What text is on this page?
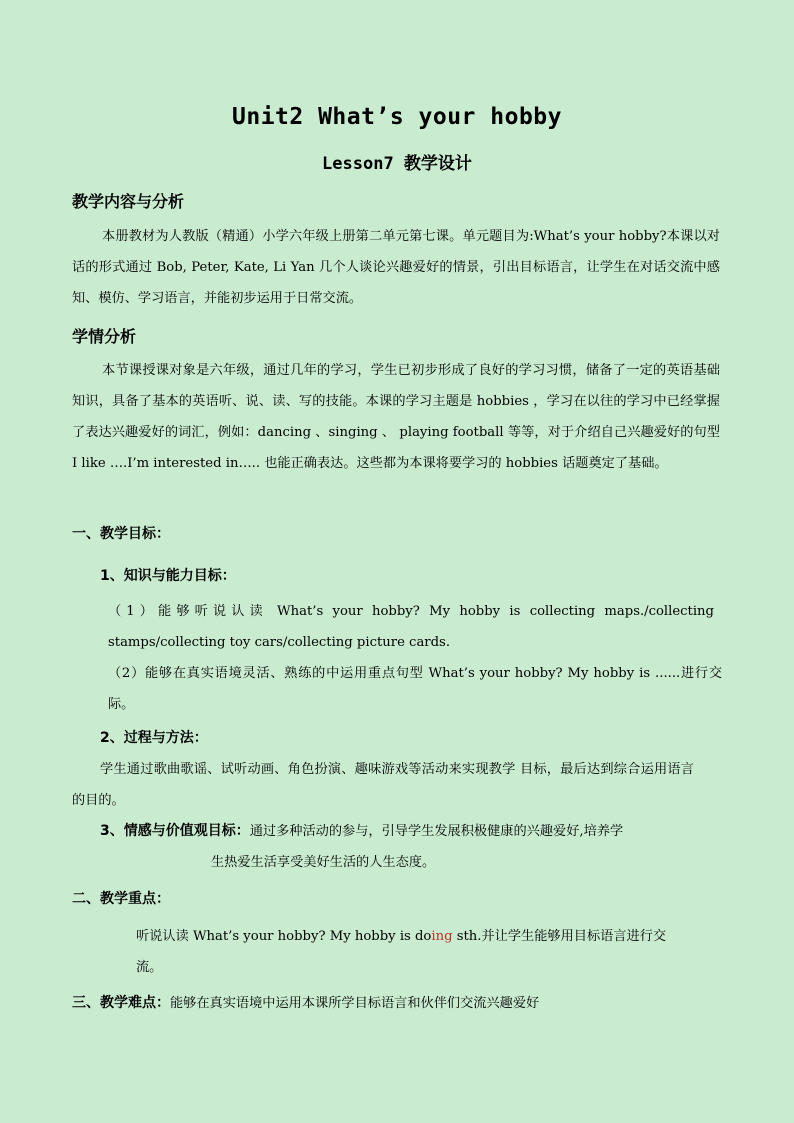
Unit2 What’s your hobby
Lesson7 教学设计
教学内容与分析
本册教材为人教版（精通）小学六年级上册第二单元第七课。单元题目为:What’s your hobby?本课以对话的形式通过 Bob, Peter, Kate, Li Yan 几个人谈论兴趣爱好的情景，引出目标语言，让学生在对话交流中感知、模仿、学习语言，并能初步运用于日常交流。
学情分析
本节课授课对象是六年级，通过几年的学习，学生已初步形成了良好的学习习惯，储备了一定的英语基础知识，具备了基本的英语听、说、读、写的技能。本课的学习主题是 hobbies ，学习在以往的学习中已经掌握了表达兴趣爱好的词汇，例如：dancing 、singing 、 playing football 等等，对于介绍自己兴趣爱好的句型 I like ….I’m interested in….. 也能正确表达。这些都为本课将要学习的 hobbies 话题奠定了基础。
一、教学目标：
1、知识与能力目标：
（1）能够听说认读 What’s your hobby? My hobby is collecting maps./collecting stamps/collecting toy cars/collecting picture cards.
（2）能够在真实语境灵活、熟练的中运用重点句型 What’s your hobby? My hobby is ......进行交际。
2、过程与方法：
学生通过歌曲歌谣、试听动画、角色扮演、趣味游戏等活动来实现教学 目标，最后达到综合运用语言的目的。
3、情感与价值观目标：通过多种活动的参与，引导学生发展积极健康的兴趣爱好,培养学
生热爱生活享受美好生活的人生态度。
二、教学重点：
听说认读 What’s your hobby? My hobby is doing sth.并让学生能够用目标语言进行交
流。
三、教学难点：能够在真实语境中运用本课所学目标语言和伙伴们交流兴趣爱好
